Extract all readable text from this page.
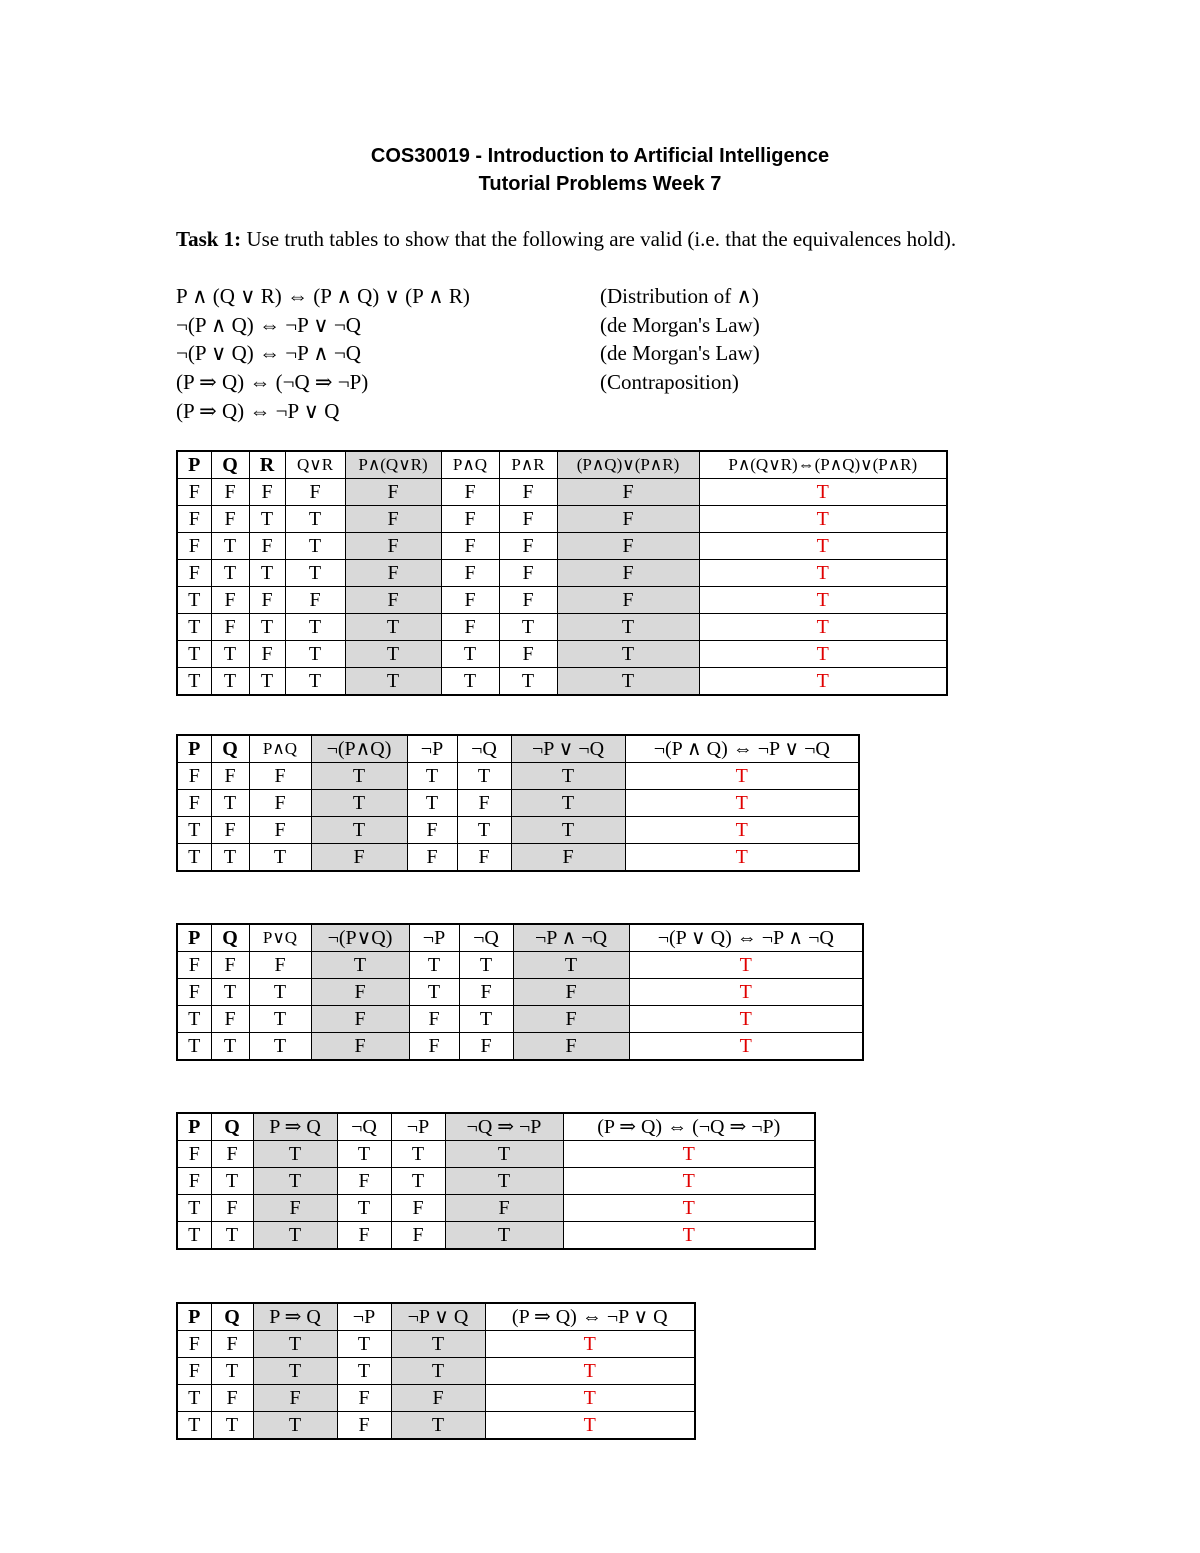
COS30019 - Introduction to Artificial Intelligence
Tutorial Problems Week 7
Task 1: Use truth tables to show that the following are valid (i.e. that the equivalences hold).
P ∧ (Q ∨ R) ⇔ (P ∧ Q) ∨ (P ∧ R)	(Distribution of ∧)
¬(P ∧ Q) ⇔ ¬P ∨ ¬Q	(de Morgan's Law)
¬(P ∨ Q) ⇔ ¬P ∧ ¬Q	(de Morgan's Law)
(P ⇒ Q) ⇔ (¬Q ⇒ ¬P)	(Contraposition)
(P ⇒ Q) ⇔ ¬P ∨ Q
P	Q	R	Q∨R	P∧(Q∨R)	P∧Q	P∧R	(P∧Q)∨(P∧R)	P∧(Q∨R)⇔(P∧Q)∨(P∧R)
F	F	F	F	F	F	F	F	T
F	F	T	T	F	F	F	F	T
F	T	F	T	F	F	F	F	T
F	T	T	T	F	F	F	F	T
T	F	F	F	F	F	F	F	T
T	F	T	T	T	F	T	T	T
T	T	F	T	T	T	F	T	T
T	T	T	T	T	T	T	T	T
P	Q	P∧Q	¬(P∧Q)	¬P	¬Q	¬P ∨ ¬Q	¬(P ∧ Q) ⇔ ¬P ∨ ¬Q
F	F	F	T	T	T	T	T
F	T	F	T	T	F	T	T
T	F	F	T	F	T	T	T
T	T	T	F	F	F	F	T
P	Q	P∨Q	¬(P∨Q)	¬P	¬Q	¬P ∧ ¬Q	¬(P ∨ Q) ⇔ ¬P ∧ ¬Q
F	F	F	T	T	T	T	T
F	T	T	F	T	F	F	T
T	F	T	F	F	T	F	T
T	T	T	F	F	F	F	T
P	Q	P ⇒ Q	¬Q	¬P	¬Q ⇒ ¬P	(P ⇒ Q) ⇔ (¬Q ⇒ ¬P)
F	F	T	T	T	T	T
F	T	T	F	T	T	T
T	F	F	T	F	F	T
T	T	T	F	F	T	T
P	Q	P ⇒ Q	¬P	¬P ∨ Q	(P ⇒ Q) ⇔ ¬P ∨ Q
F	F	T	T	T	T
F	T	T	T	T	T
T	F	F	F	F	T
T	T	T	F	T	T
